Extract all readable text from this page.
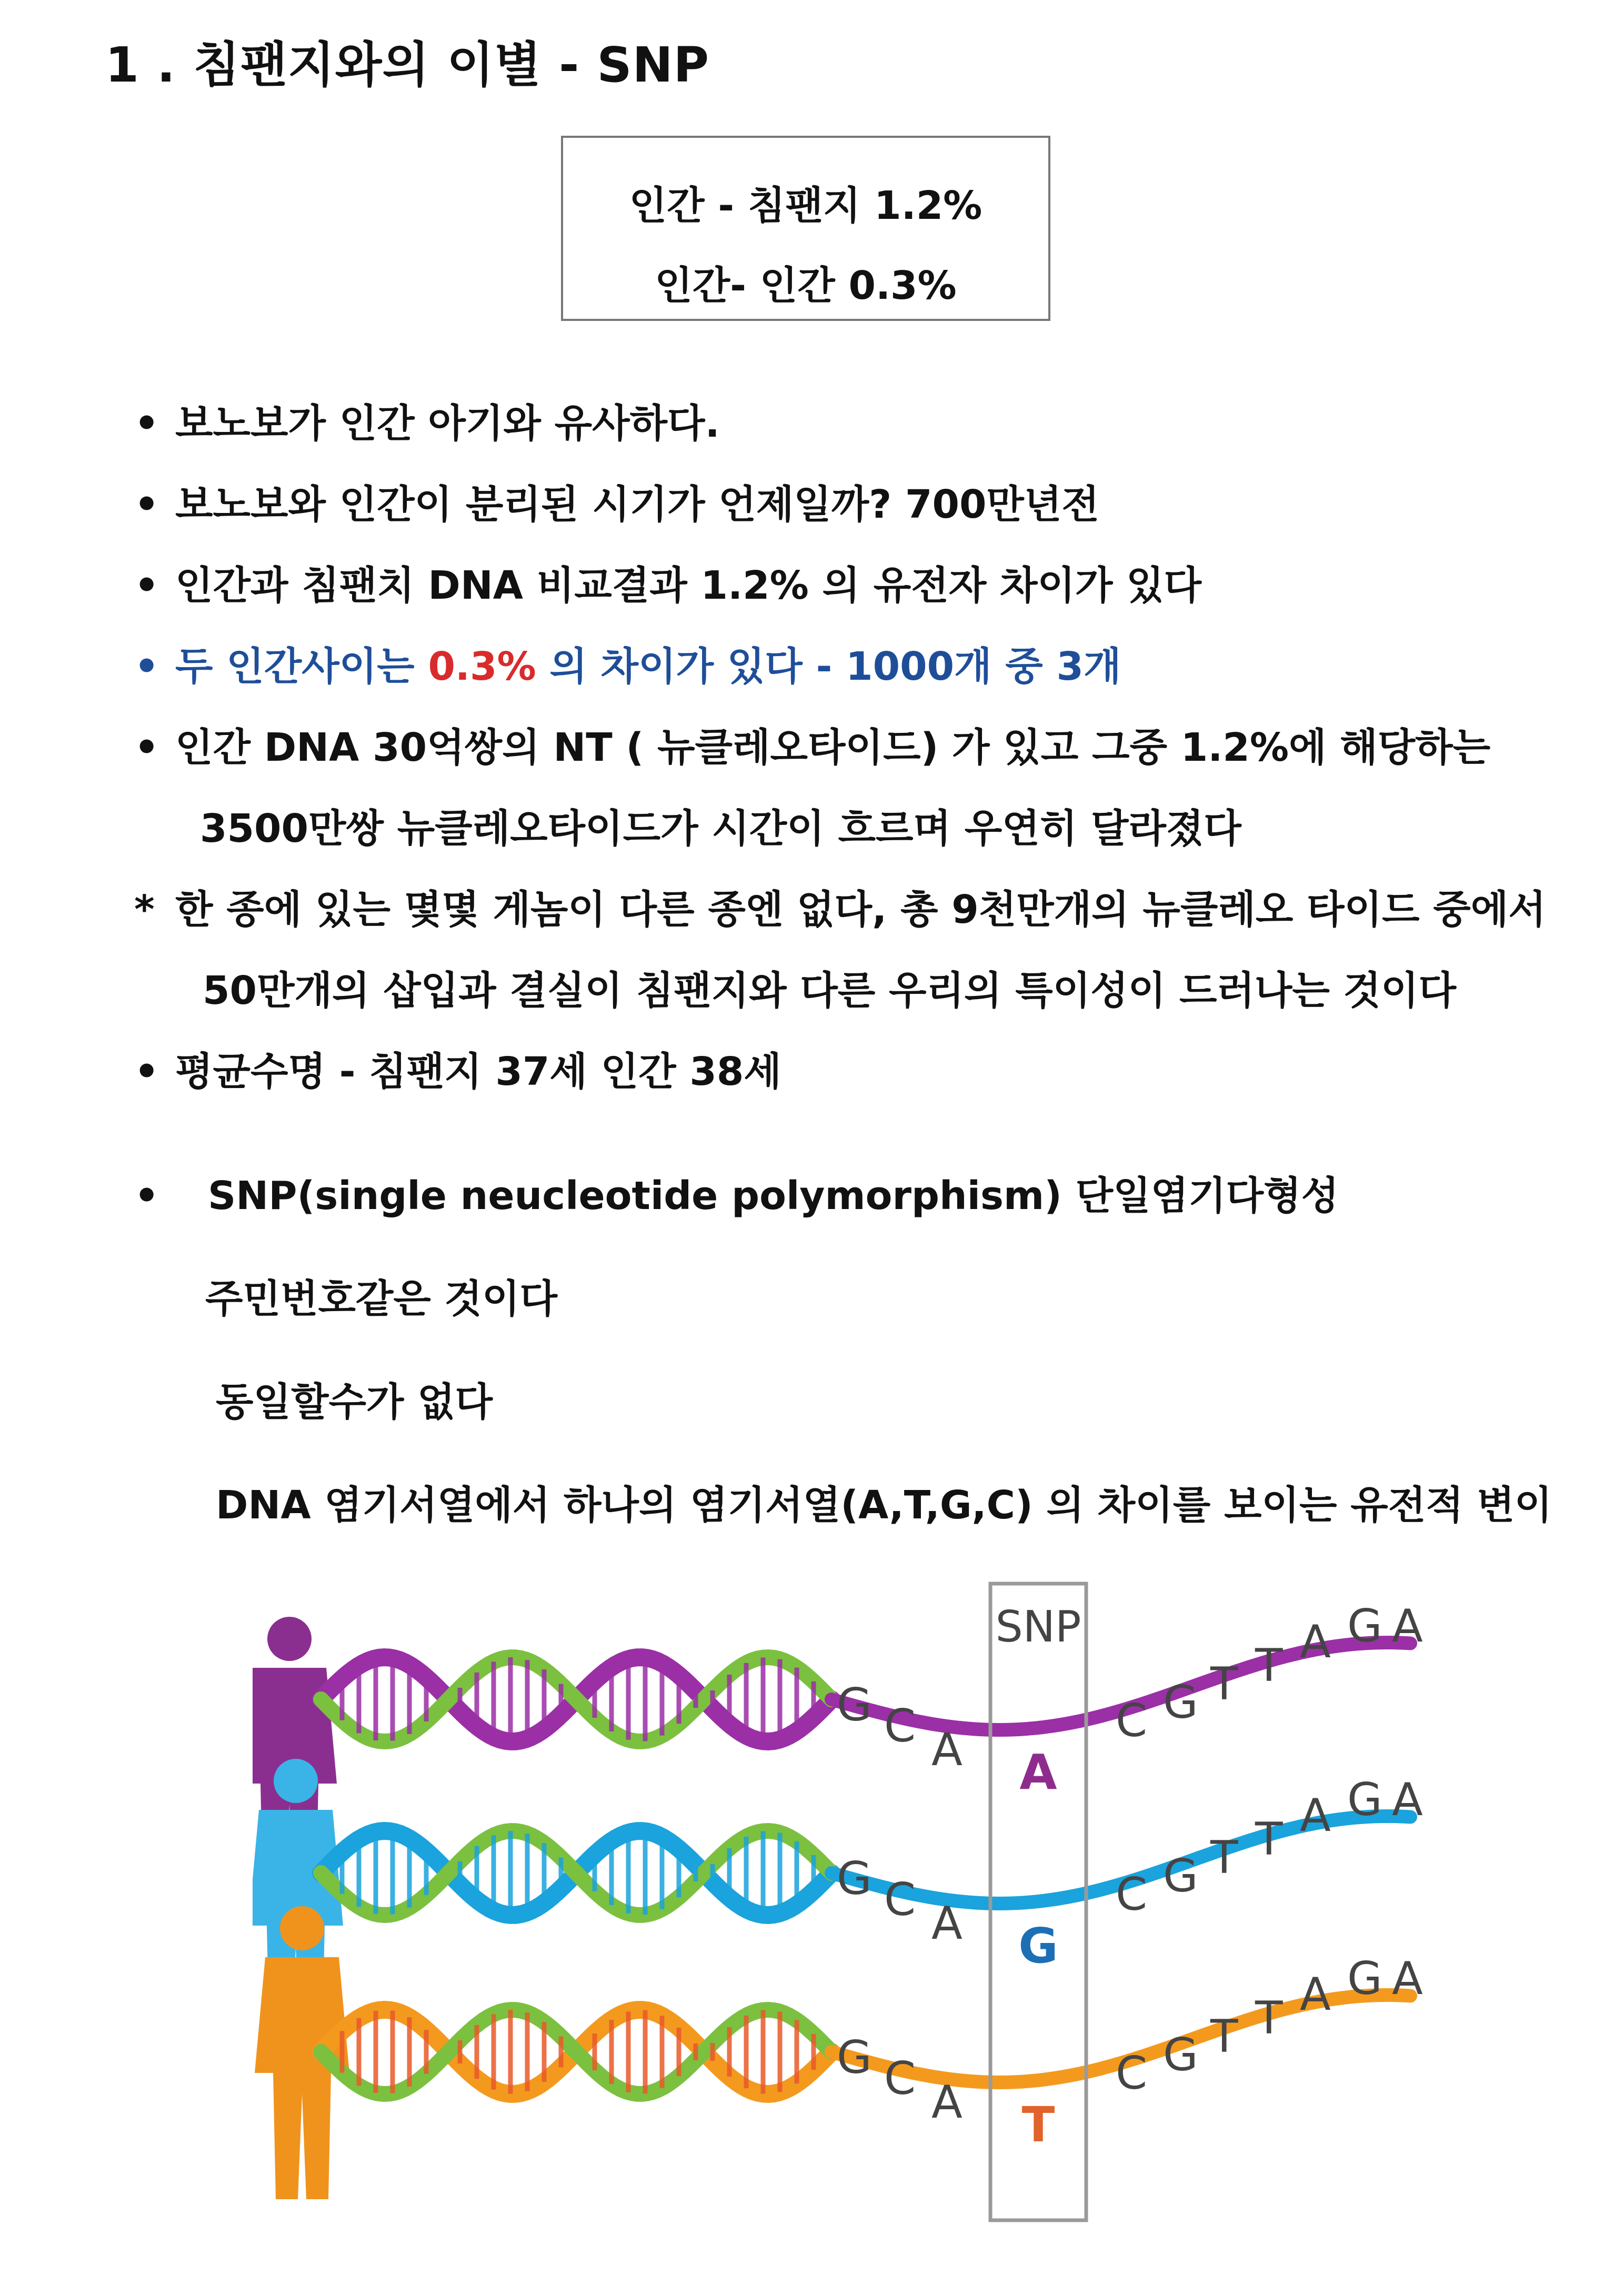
1 . 침팬지와의 이별 - SNP
인간 - 침팬지 1.2%
인간- 인간 0.3%
• 보노보가 인간 아기와 유사하다.
• 보노보와 인간이 분리된 시기가 언제일까? 700만년전
• 인간과 침팬치 DNA 비교결과 1.2% 의 유전자 차이가 있다
• 두 인간사이는 0.3% 의 차이가 있다 - 1000개 중 3개
• 인간 DNA 30억쌍의 NT ( 뉴클레오타이드) 가 있고 그중 1.2%에 해당하는
3500만쌍 뉴클레오타이드가 시간이 흐르며 우연히 달라졌다
* 한 종에 있는 몇몇 게놈이 다른 종엔 없다, 총 9천만개의 뉴클레오 타이드 중에서
50만개의 삽입과 결실이 침팬지와 다른 우리의 특이성이 드러나는 것이다
• 평균수명 - 침팬지 37세 인간 38세
• SNP(single neucleotide polymorphism) 단일염기다형성
주민번호같은 것이다
동일할수가 없다
DNA 염기서열에서 하나의 염기서열(A,T,G,C) 의 차이를 보이는 유전적 변이
SNP
G C A
C G T T A G A
A
G C A
C G T T A G A
G
G C A
C G T T A G A
T
